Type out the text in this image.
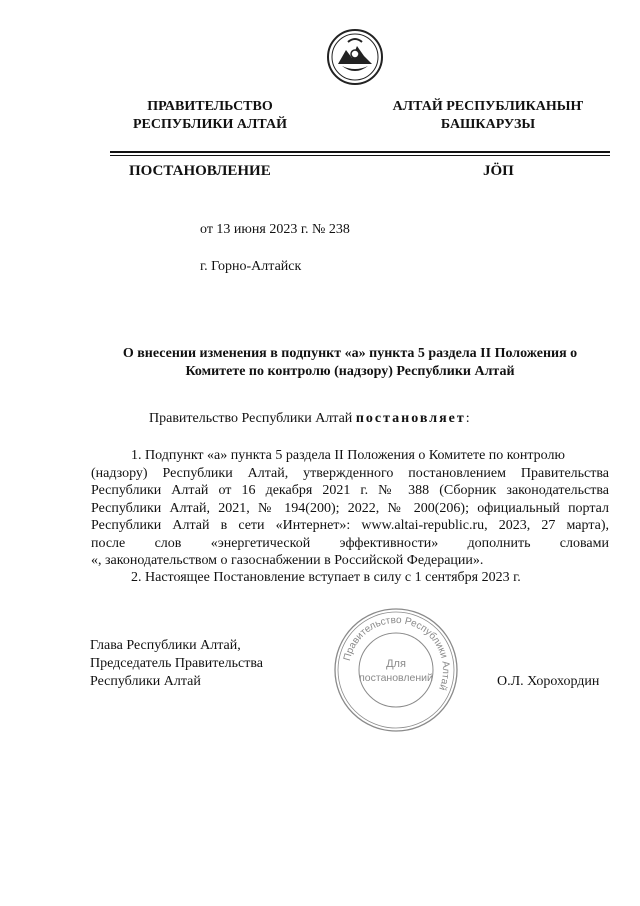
ПРАВИТЕЛЬСТВО
РЕСПУБЛИКИ АЛТАЙ
АЛТАЙ РЕСПУБЛИКАНЫҤ
БАШКАРУЗЫ
ПОСТАНОВЛЕНИЕ	JÖП
от 13 июня 2023 г. № 238
г. Горно-Алтайск
О внесении изменения в подпункт «а» пункта 5 раздела II Положения о
Комитете по контролю (надзору) Республики Алтай
Правительство Республики Алтай постановляет:
1. Подпункт «а» пункта 5 раздела II Положения о Комитете по контролю
(надзору) Республики Алтай, утвержденного постановлением Правительства
Республики Алтай от 16 декабря 2021 г. № 388 (Сборник законодательства
Республики Алтай, 2021, № 194(200); 2022, № 200(206); официальный портал
Республики Алтай в сети «Интернет»: www.altai-republic.ru, 2023, 27 марта),
после слов «энергетической эффективности» дополнить словами
«, законодательством о газоснабжении в Российской Федерации».
2. Настоящее Постановление вступает в силу с 1 сентября 2023 г.
Глава Республики Алтай,
Председатель Правительства
Республики Алтай	О.Л. Хорохордин
Правительство Республики Алтай
Для
постановлений
